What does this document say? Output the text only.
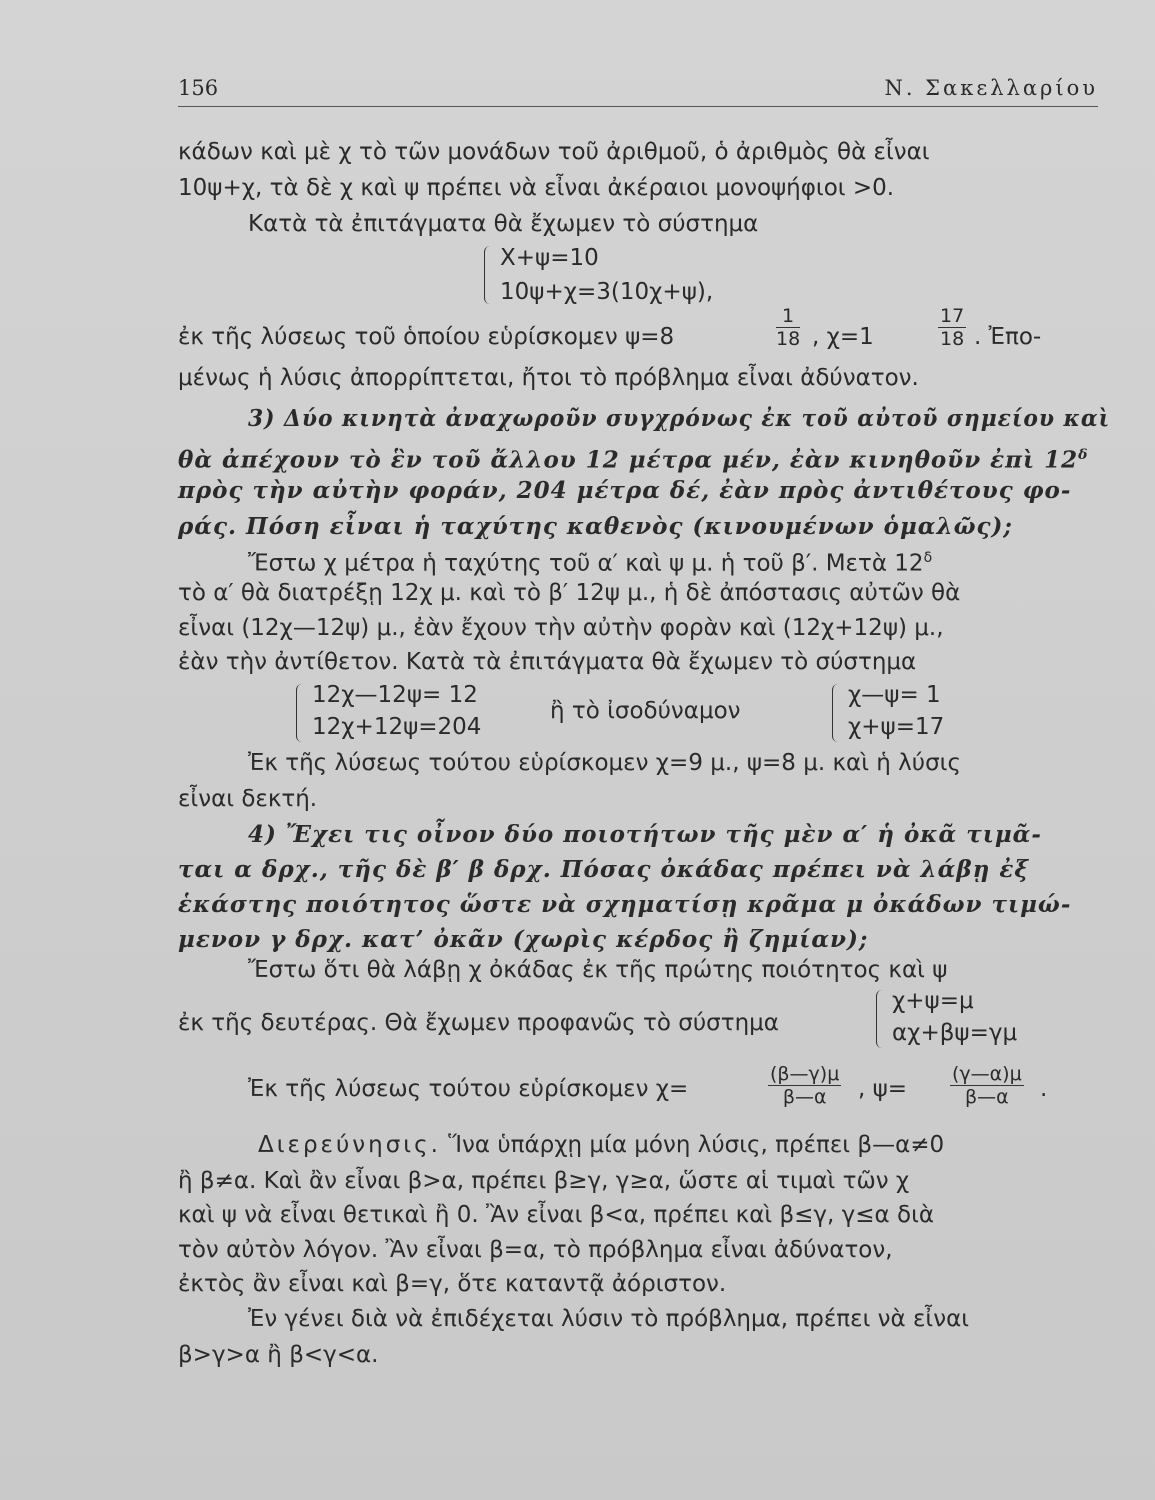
156	Ν. Σακελλαρίου
κάδων καὶ μὲ χ τὸ τῶν μονάδων τοῦ ἀριθμοῦ, ὁ ἀριθμὸς θὰ εἶναι
10ψ+χ, τὰ δὲ χ καὶ ψ πρέπει νὰ εἶναι ἀκέραιοι μονοψήφιοι >0.
Κατὰ τὰ ἐπιτάγματα θὰ ἔχωμεν τὸ σύστημα
X+ψ=10
10ψ+χ=3(10χ+ψ),
ἐκ τῆς λύσεως τοῦ ὁποίου εὑρίσκομεν ψ=8	$\frac{1}{18}$ , χ=1	$\frac{17}{18}$ . Ἐπο-
μένως ἡ λύσις ἀπορρίπτεται, ἤτοι τὸ πρόβλημα εἶναι ἀδύνατον.
3) Δύο κινητὰ ἀναχωροῦν συγχρόνως ἐκ τοῦ αὐτοῦ σημείου καὶ
θὰ ἀπέχουν τὸ ἓν τοῦ ἄλλου 12 μέτρα μέν, ἐὰν κινηθοῦν ἐπὶ $12^\delta$
πρὸς τὴν αὐτὴν φοράν, 204 μέτρα δέ, ἐὰν πρὸς ἀντιθέτους φο-
ράς. Πόση εἶναι ἡ ταχύτης καθενὸς (κινουμένων ὁμαλῶς);
Ἔστω χ μέτρα ἡ ταχύτης τοῦ α′ καὶ ψ μ. ἡ τοῦ β′. Μετὰ $12^\delta$
τὸ α′ θὰ διατρέξῃ 12χ μ. καὶ τὸ β′ 12ψ μ., ἡ δὲ ἀπόστασις αὐτῶν θὰ
εἶναι (12χ—12ψ) μ., ἐὰν ἔχουν τὴν αὐτὴν φορὰν καὶ (12χ+12ψ) μ.,
ἐὰν τὴν ἀντίθετον. Κατὰ τὰ ἐπιτάγματα θὰ ἔχωμεν τὸ σύστημα
12χ—12ψ= 12
12χ+12ψ=204
ἢ τὸ ἰσοδύναμον
χ—ψ= 1
χ+ψ=17
Ἐκ τῆς λύσεως τούτου εὑρίσκομεν χ=9 μ., ψ=8 μ. καὶ ἡ λύσις
εἶναι δεκτή.
4) Ἔχει τις οἶνον δύο ποιοτήτων τῆς μὲν α′ ἡ ὀκᾶ τιμᾶ-
ται α δρχ., τῆς δὲ β′ β δρχ. Πόσας ὀκάδας πρέπει νὰ λάβῃ ἐξ
ἑκάστης ποιότητος ὥστε νὰ σχηματίσῃ κρᾶμα μ ὀκάδων τιμώ-
μενον γ δρχ. κατ’ ὀκᾶν (χωρὶς κέρδος ἢ ζημίαν);
Ἔστω ὅτι θὰ λάβῃ χ ὀκάδας ἐκ τῆς πρώτης ποιότητος καὶ ψ
χ+ψ=μ
αχ+βψ=γμ
ἐκ τῆς δευτέρας. Θὰ ἔχωμεν προφανῶς τὸ σύστημα
Ἐκ τῆς λύσεως τούτου εὑρίσκομεν χ=	$\frac{(\beta—\gamma)\mu}{\beta—\alpha}$ , $\psi= \frac{(\gamma—\alpha)\mu}{\beta—\alpha}$ .
Διερεύνησις. Ἵνα ὑπάρχῃ μία μόνη λύσις, πρέπει β—α≠0
ἢ β≠α. Καὶ ἂν εἶναι β>α, πρέπει β≥γ, γ≥α, ὥστε αἱ τιμαὶ τῶν χ
καὶ ψ νὰ εἶναι θετικαὶ ἢ 0. Ἂν εἶναι β<α, πρέπει καὶ β≤γ, γ≤α διὰ
τὸν αὐτὸν λόγον. Ἂν εἶναι β=α, τὸ πρόβλημα εἶναι ἀδύνατον,
ἐκτὸς ἂν εἶναι καὶ β=γ, ὅτε καταντᾷ ἀόριστον.
Ἐν γένει διὰ νὰ ἐπιδέχεται λύσιν τὸ πρόβλημα, πρέπει νὰ εἶναι
β>γ>α ἢ β<γ<α.
